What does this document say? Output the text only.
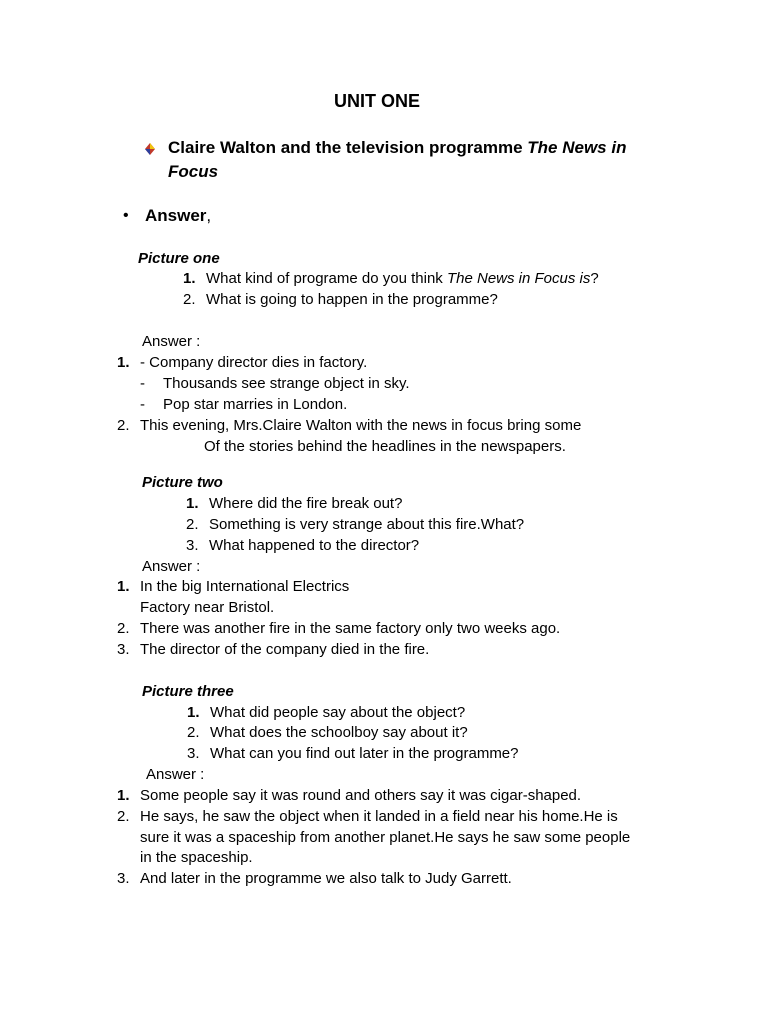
UNIT ONE
Claire Walton and the television programme The News in
Focus
• Answer,
Picture one
1. What kind of programe do you think The News in Focus is?
2. What is going to happen in the programme?
Answer :
1. - Company director dies in factory.
- Thousands see strange object in sky.
- Pop star marries in London.
2. This evening, Mrs.Claire Walton with the news in focus bring some
Of the stories behind the headlines in the newspapers.
Picture two
1. Where did the fire break out?
2. Something is very strange about this fire.What?
3. What happened to the director?
Answer :
1. In the big International Electrics
Factory near Bristol.
2. There was another fire in the same factory only two weeks ago.
3. The director of the company died in the fire.
Picture three
1. What did people say about the object?
2. What does the schoolboy say about it?
3. What can you find out later in the programme?
Answer :
1. Some people say it was round and others say it was cigar-shaped.
2. He says, he saw the object when it landed in a field near his home.He is
sure it was a spaceship from another planet.He says he saw some people
in the spaceship.
3. And later in the programme we also talk to Judy Garrett.
